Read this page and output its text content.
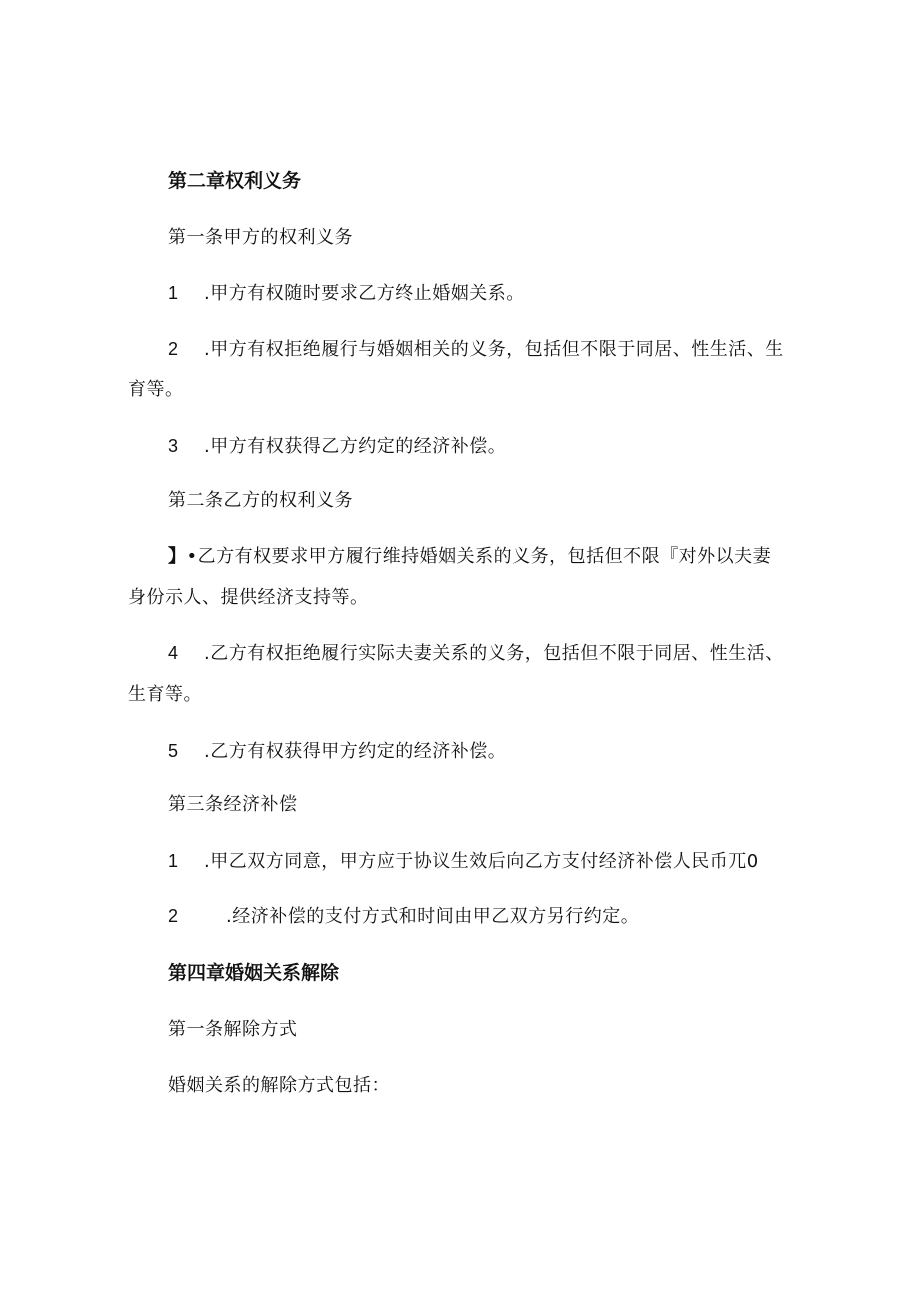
第二章权利义务
第一条甲方的权利义务
1 .甲方有权随时要求乙方终止婚姻关系。
2 .甲方有权拒绝履行与婚姻相关的义务，包括但不限于同居、性生活、生
育等。
3 .甲方有权获得乙方约定的经济补偿。
第二条乙方的权利义务
】•乙方有权要求甲方履行维持婚姻关系的义务，包括但不限『对外以夫妻
身份示人、提供经济支持等。
4 .乙方有权拒绝履行实际夫妻关系的义务，包括但不限于同居、性生活、
生育等。
5 .乙方有权获得甲方约定的经济补偿。
第三条经济补偿
1 .甲乙双方同意，甲方应于协议生效后向乙方支付经济补偿人民币兀0
2	.经济补偿的支付方式和时间由甲乙双方另行约定。
第四章婚姻关系解除
第一条解除方式
婚姻关系的解除方式包括：
